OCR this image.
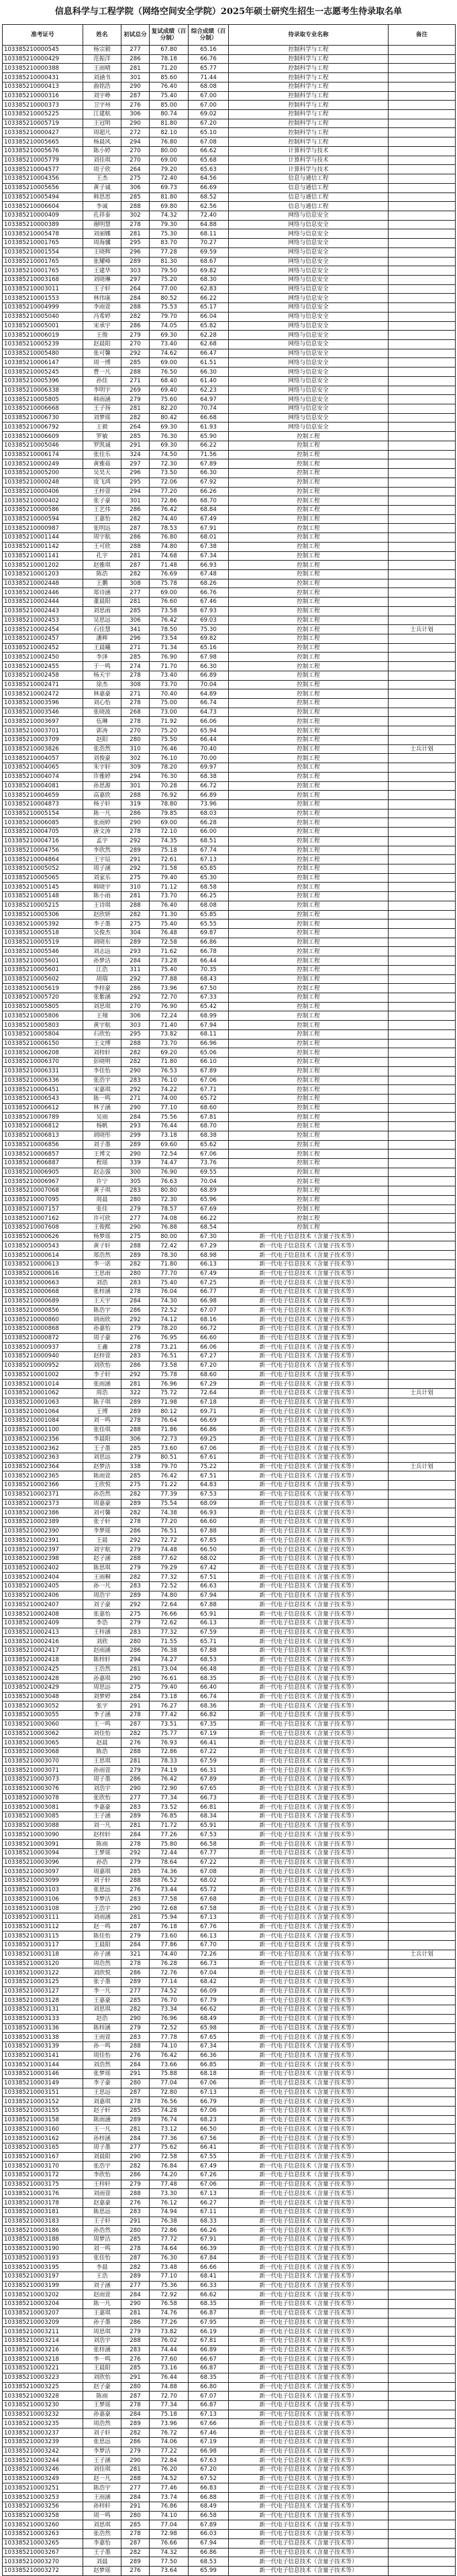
信息科学与工程学院（网络空间安全学院）2025年硕士研究生招生一志愿考生待录取名单
准考证号	姓名	初试总分	复试成绩（百分制）	综合成绩（百分制）	待录取专业名称	备注
103385210000545	杨宗毅	277	67.80	65.16	控制科学与工程	
103385210000429	范振洋	286	78.18	66.76	控制科学与工程	
103385210000388	王雨晴	281	71.20	65.77	控制科学与工程	
103385210000431	刘涵书	301	85.60	71.44	控制科学与工程	
103385210000413	曲铭浩	290	76.40	68.08	控制科学与工程	
103385210000316	刘宇峥	287	75.40	67.00	控制科学与工程	
103385210000373	卫字州	276	85.00	67.00	控制科学与工程	
103385210005225	江建航	306	80.74	69.02	控制科学与工程	
103385210005719	王冠明	290	81.80	67.20	控制科学与工程	
103385210000427	周超凡	272	82.10	65.10	控制科学与工程	
103385210005665	杨晨风	294	76.80	67.08	控制科学与工程	
103385210005676	陈小婷	270	80.00	66.62	计算科学与技术	
103385210005779	刘佳琪	270	69.00	65.68	计算科学与技术	
103385210004577	周子欣	264	79.20	65.63	计算科学与技术	
103385210004356	王杰	275	72.40	64.56	信息与通信工程	
103385210005656	黄子诚	306	69.73	66.69	信息与通信工程	
103385210005494	韩思思	285	81.80	68.52	信息与通信工程	
103385210006604	李诚	288	69.80	62.56	信息与通信工程	
103385210000409	孔祥泰	302	74.32	72.40	网络与信息安全	
103385210000389	谢明慧	278	79.30	64.88	网络与信息安全	
103385210005478	刘丽娜	281	75.30	68.11	网络与信息安全	
103385210001765	周海骥	295	83.70	70.27	网络与信息安全	
103385210001554	王晓辉	296	77.28	69.59	网络与信息安全	
103385210001765	张耀峰	289	81.30	68.67	网络与信息安全	
103385210001765	王建华	303	79.50	69.82	网络与信息安全	
103385210003168	刘晓琳	297	75.20	68.30	网络与信息安全	
103385210003011	王子轩	264	77.00	62.83	网络与信息安全	
103385210001553	林伟康	284	80.52	66.22	网络与信息安全	
103385210004999	李雨萱	288	75.53	65.17	网络与信息安全	
103385210005040	冯希婷	282	79.70	66.04	网络与信息安全	
103385210005001	宋承宇	286	74.05	65.82	网络与信息安全	
103385210006019	王俊	279	69.30	62.28	网络与信息安全	
103385210005239	赵晨阳	270	73.40	62.68	网络与信息安全	
103385210005480	张可馨	292	74.62	66.47	网络与信息安全	
103385210006147	周一博	285	69.00	61.51	网络与信息安全	
103385210005245	曹一凡	288	76.50	66.30	网络与信息安全	
103385210005396	孙佳	271	68.40	61.40	网络与信息安全	
103385210006338	李明宇	269	69.40	62.23	网络与信息安全	
103385210005805	韩雨涵	279	75.60	64.97	网络与信息安全	
103385210006668	王子扬	281	82.20	70.74	网络与信息安全	
103385210006730	刘梦瑶	282	80.42	66.68	网络与信息安全	
103385210006792	王毅	264	69.30	61.93	网络与信息安全	
103385210006609	罗敏	285	76.30	65.90	控制工程	
103385210005046	罗凯诚	291	69.30	66.22	控制工程	
103385210006174	张佳乐	324	74.50	71.56	控制工程	
103385210000249	黄雅茹	297	72.30	67.89	控制工程	
103385210005200	吴昊天	296	73.50	66.30	控制工程	
103385210000248	庞飞鸿	295	72.06	67.92	控制工程	
103385210000406	王梓萱	294	77.20	66.26	控制工程	
103385210000402	张子豪	301	72.86	68.70	控制工程	
103385210000586	王艺伟	286	76.42	68.84	控制工程	
103385210000594	王嘉怡	282	74.40	67.49	控制工程	
103385210000987	张明远	287	78.53	67.91	控制工程	
103385210001144	周宇航	286	76.80	68.01	控制工程	
103385210001142	王可欣	288	74.80	67.38	控制工程	
103385210001141	孔宇	281	74.68	67.34	控制工程	
103385210001202	赵雅琪	287	71.48	66.93	控制工程	
103385210001203	陈浩	282	76.69	67.48	控制工程	
103385210002448	王鹏	308	75.78	68.26	控制工程	
103385210002446	郑诗涵	277	69.00	66.76	控制工程	
103385210002444	董晨阳	281	76.60	67.46	控制工程	
103385210002443	刘思雨	285	73.58	67.93	控制工程	
103385210002453	吴思远	306	76.42	69.03	控制工程	
103385210002454	石佳慧	341	78.50	75.30	控制工程	士兵计划
103385210002457	潘辉	296	73.54	69.82	控制工程	
103385210002452	王晨曦	271	71.34	65.16	控制工程	
103385210002450	李泽	285	76.90	67.98	控制工程	
103385210002455	于一鸣	274	71.70	66.30	控制工程	
103385210002458	杨天宇	278	73.40	66.89	控制工程	
103385210002471	徐杰	308	73.70	70.04	控制工程	
103385210002472	林嘉豪	271	70.40	64.89	控制工程	
103385210003596	刘心怡	278	75.00	66.74	控制工程	
103385210003546	张晓波	268	73.00	64.73	控制工程	
103385210003697	伍琳	278	71.92	66.06	控制工程	
103385210003701	郭涛	270	75.20	65.94	控制工程	
103385210003709	赵阳	280	75.50	66.44	控制工程	
103385210003826	张浩然	310	76.46	70.40	控制工程	士兵计划
103385210004057	刘俊豪	302	76.10	70.00	控制工程	
103385210004065	朱宇轩	309	78.20	69.97	控制工程	
103385210004074	许雅婷	294	76.30	68.38	控制工程	
103385210004081	孙思源	301	70.28	66.72	控制工程	
103385210004659	高嘉欣	288	76.92	66.89	控制工程	
103385210004873	杨子轩	319	78.80	73.96	控制工程	
103385210005154	陈一凡	286	79.85	68.03	控制工程	
103385210006085	张雨婷	290	69.00	66.28	控制工程	
103385210004705	唐文涛	278	72.10	66.00	控制工程	
103385210004716	孟宇	292	74.35	68.51	控制工程	
103385210004756	李欣然	289	75.18	67.74	控制工程	
103385210004864	王宇辰	291	72.61	67.13	控制工程	
103385210005052	周子涵	292	71.58	65.85	控制工程	
103385210005065	刘家乐	275	79.40	65.30	控制工程	
103385210005145	韩晓宇	310	71.12	68.58	控制工程	
103385210005148	陈小雨	281	73.70	66.25	控制工程	
103385210005215	王诗琪	288	76.40	68.08	控制工程	
103385210005306	赵欣妍	282	71.30	65.85	控制工程	
103385210005392	李子墨	275	75.40	65.55	控制工程	
103385210005518	吴俊杰	304	76.48	69.87	控制工程	
103385210005519	胡晓东	289	72.58	66.86	控制工程	
103385210005546	刘志远	293	71.62	66.78	控制工程	
103385210005601	孙梦洁	284	73.28	66.44	控制工程	
103385210005601	江浩	311	75.40	70.35	控制工程	
103385210005602	胡瑞	292	77.88	68.43	控制工程	
103385210005619	李梓豪	286	73.96	67.50	控制工程	
103385210005720	张紫涵	292	72.70	67.33	控制工程	
103385210005805	刘思琪	270	76.90	65.42	控制工程	
103385210005806	王翔	306	72.24	68.99	控制工程	
103385210005803	黄宇航	303	71.40	67.94	控制工程	
103385210005804	石欣怡	295	73.82	68.11	控制工程	
103385210006150	王文博	288	73.70	66.96	控制工程	
103385210006208	刘梓轩	282	69.20	65.06	控制工程	
103385210006370	彭晓明	282	71.80	66.10	控制工程	
103385210006331	李佳怡	290	76.53	67.89	控制工程	
103385210006336	张浩宇	283	76.10	67.06	控制工程	
103385210006451	宋嘉琪	292	74.22	67.71	控制工程	
103385210006543	陈一鸣	271	74.00	65.72	控制工程	
103385210006612	林子涵	290	77.10	68.60	控制工程	
103385210006789	吴雨	284	75.56	67.81	控制工程	
103385210006812	杨帆	293	76.44	68.70	控制工程	
103385210006813	胡晓彤	299	73.18	68.38	控制工程	
103385210006856	刘子墨	289	69.60	65.62	控制工程	
103385210006857	王博文	290	72.54	67.06	控制工程	
103385210006887	程瑶	339	74.47	73.76	控制工程	
103385210006905	赵志强	300	76.90	69.55	控制工程	
103385210006967	许宁	305	76.63	70.04	控制工程	
103385210007068	黄子琪	283	80.80	68.89	控制工程	
103385210007095	周晨	280	72.30	65.96	控制工程	
103385210007157	张佳	279	78.57	67.69	控制工程	
103385210007162	许可欣	277	74.08	66.22	控制工程	
103385210007608	王俊熙	290	76.88	68.54	控制工程	
103385210000626	杨梦瑶	275	80.00	67.30	新一代电子信息技术（含量子技术等）	
103385210000543	黄子轩	288	72.42	67.29	新一代电子信息技术（含量子技术等）	
103385210000614	郑浩然	289	78.30	68.98	新一代电子信息技术（含量子技术等）	
103385210000613	李一诺	282	71.80	66.13	新一代电子信息技术（含量子技术等）	
103385210000616	王思雨	280	77.70	67.49	新一代电子信息技术（含量子技术等）	
103385210000663	刘浩	283	75.40	67.25	新一代电子信息技术（含量子技术等）	
103385210000668	张梓涵	278	76.04	66.77	新一代电子信息技术（含量子技术等）	
103385210000689	王天宇	284	74.30	66.98	新一代电子信息技术（含量子技术等）	
103385210000856	陈浩宇	286	72.52	67.07	新一代电子信息技术（含量子技术等）	
103385210000860	胡雨欣	292	74.12	68.16	新一代电子信息技术（含量子技术等）	
103385210000868	孙嘉怡	279	78.20	66.72	新一代电子信息技术（含量子技术等）	
103385210000872	周子豪	276	76.95	66.60	新一代电子信息技术（含量子技术等）	
103385210000937	王鑫	278	73.21	66.06	新一代电子信息技术（含量子技术等）	
103385210000940	赵梓萱	283	76.51	67.27	新一代电子信息技术（含量子技术等）	
103385210000952	刘欣怡	286	73.58	67.20	新一代电子信息技术（含量子技术等）	
103385210001002	李子轩	292	75.78	68.60	新一代电子信息技术（含量子技术等）	
103385210001014	张雨涵	281	76.96	67.29	新一代电子信息技术（含量子技术等）	
103385210001062	周浩	322	75.72	72.64	新一代电子信息技术（含量子技术等）	士兵计划
103385210001063	陈子琪	289	71.98	67.18	新一代电子信息技术（含量子技术等）	
103385210001064	王博	289	80.12	69.71	新一代电子信息技术（含量子技术等）	
103385210001084	刘一鸣	278	76.64	66.69	新一代电子信息技术（含量子技术等）	
103385210001100	张佳琪	288	71.86	66.86	新一代电子信息技术（含量子技术等）	
103385210002356	李晨阳	306	72.73	69.25	新一代电子信息技术（含量子技术等）	
103385210002362	王子墨	285	73.60	67.06	新一代电子信息技术（含量子技术等）	
103385210002363	刘思远	279	80.51	67.61	新一代电子信息技术（含量子技术等）	
103385210002364	赵梦洁	338	79.70	75.22	新一代电子信息技术（含量子技术等）	士兵计划
103385210002365	陈雨萱	285	76.42	67.51	新一代电子信息技术（含量子技术等）	
103385210002366	王欣悦	275	71.22	64.83	新一代电子信息技术（含量子技术等）	
103385210002371	孙浩然	282	77.39	67.53	新一代电子信息技术（含量子技术等）	
103385210002373	周嘉豪	289	75.54	68.09	新一代电子信息技术（含量子技术等）	
103385210002386	刘可馨	282	74.38	66.93	新一代电子信息技术（含量子技术等）	
103385210002389	张子轩	278	77.20	66.60	新一代电子信息技术（含量子技术等）	
103385210002390	李梦瑶	286	76.51	67.88	新一代电子信息技术（含量子技术等）	
103385210002391	王晨	292	72.72	67.85	新一代电子信息技术（含量子技术等）	
103385210002397	刘宇航	279	74.48	66.50	新一代电子信息技术（含量子技术等）	
103385210002398	赵子涵	288	77.62	68.02	新一代电子信息技术（含量子技术等）	
103385210002402	陈思琪	279	79.29	67.42	新一代电子信息技术（含量子技术等）	
103385210002404	王雨桐	282	77.32	67.51	新一代电子信息技术（含量子技术等）	
103385210002405	孙一凡	283	72.52	66.63	新一代电子信息技术（含量子技术等）	
103385210002406	周浩宇	289	74.80	67.94	新一代电子信息技术（含量子技术等）	
103385210002407	刘子豪	292	72.64	67.88	新一代电子信息技术（含量子技术等）	
103385210002408	张嘉怡	275	76.66	65.91	新一代电子信息技术（含量子技术等）	
103385210002409	李浩	279	72.62	66.13	新一代电子信息技术（含量子技术等）	
103385210002413	王梓涵	283	77.32	67.59	新一代电子信息技术（含量子技术等）	
103385210002416	刘欣	280	71.55	65.71	新一代电子信息技术（含量子技术等）	
103385210002417	赵雨涵	286	76.38	67.88	新一代电子信息技术（含量子技术等）	
103385210002418	陈梓轩	294	74.27	68.53	新一代电子信息技术（含量子技术等）	
103385210002425	王浩然	281	73.04	66.48	新一代电子信息技术（含量子技术等）	
103385210002428	孙嘉琪	290	76.61	68.35	新一代电子信息技术（含量子技术等）	
103385210002429	周思远	275	79.40	66.40	新一代电子信息技术（含量子技术等）	
103385210003048	刘梦婷	284	73.18	66.74	新一代电子信息技术（含量子技术等）	
103385210003052	张宇	291	76.27	68.36	新一代电子信息技术（含量子技术等）	
103385210003055	李子涵	278	77.42	66.82	新一代电子信息技术（含量子技术等）	
103385210003060	王一鸣	287	73.51	67.35	新一代电子信息技术（含量子技术等）	
103385210003062	刘佳怡	282	75.77	67.19	新一代电子信息技术（含量子技术等）	
103385210003065	赵晨	276	76.93	66.41	新一代电子信息技术（含量子技术等）	
103385210003068	陈浩	288	72.86	67.22	新一代电子信息技术（含量子技术等）	
103385210003070	王思琪	281	78.33	67.59	新一代电子信息技术（含量子技术等）	
103385210003071	孙雨萱	279	74.19	66.31	新一代电子信息技术（含量子技术等）	
103385210003073	周子墨	286	76.42	67.89	新一代电子信息技术（含量子技术等）	
103385210003076	刘浩宇	290	72.90	67.65	新一代电子信息技术（含量子技术等）	
103385210003078	张欣怡	277	77.34	66.73	新一代电子信息技术（含量子技术等）	
103385210003081	李嘉豪	283	73.52	66.81	新一代电子信息技术（含量子技术等）	
103385210003085	王子涵	289	76.85	68.34	新一代电子信息技术（含量子技术等）	
103385210003088	刘一凡	281	71.72	65.91	新一代电子信息技术（含量子技术等）	
103385210003090	赵梓轩	284	77.26	67.53	新一代电子信息技术（含量子技术等）	
103385210003091	陈雨	278	75.80	66.58	新一代电子信息技术（含量子技术等）	
103385210003094	王梦瑶	292	72.44	67.77	新一代电子信息技术（含量子技术等）	
103385210003096	孙浩	279	78.64	67.22	新一代电子信息技术（含量子技术等）	
103385210003097	周嘉琪	285	74.36	67.08	新一代电子信息技术（含量子技术等）	
103385210003099	刘子轩	288	76.52	68.02	新一代电子信息技术（含量子技术等）	
103385210003103	张思远	276	73.44	65.72	新一代电子信息技术（含量子技术等）	
103385210003106	李梦洁	283	77.58	67.68	新一代电子信息技术（含量子技术等）	
103385210003108	王浩宇	290	72.68	67.58	新一代电子信息技术（含量子技术等）	
103385210003111	刘雨涵	281	75.94	67.13	新一代电子信息技术（含量子技术等）	
103385210003112	赵一鸣	287	76.18	67.76	新一代电子信息技术（含量子技术等）	
103385210003115	陈佳怡	279	73.60	66.13	新一代电子信息技术（含量子技术等）	
103385210003117	王晨阳	284	77.86	67.70	新一代电子信息技术（含量子技术等）	
103385210003118	孙子涵	321	74.40	72.26	新一代电子信息技术（含量子技术等）	士兵计划
103385210003120	周浩然	278	76.28	66.73	新一代电子信息技术（含量子技术等）	
103385210003122	刘欣悦	286	72.76	67.04	新一代电子信息技术（含量子技术等）	
103385210003125	张子墨	289	77.14	68.42	新一代电子信息技术（含量子技术等）	
103385210003127	李一凡	277	74.52	66.09	新一代电子信息技术（含量子技术等）	
103385210003128	王嘉豪	285	76.70	67.79	新一代电子信息技术（含量子技术等）	
103385210003131	刘思琪	282	73.34	66.62	新一代电子信息技术（含量子技术等）	
103385210003133	赵浩	290	76.96	68.49	新一代电子信息技术（含量子技术等）	
103385210003136	陈梓涵	279	72.52	65.98	新一代电子信息技术（含量子技术等）	
103385210003138	王雨萱	283	77.78	67.65	新一代电子信息技术（含量子技术等）	
103385210003139	孙一鸣	288	74.10	67.34	新一代电子信息技术（含量子技术等）	
103385210003141	周佳怡	276	76.42	66.36	新一代电子信息技术（含量子技术等）	
103385210003144	刘浩然	284	73.66	66.85	新一代电子信息技术（含量子技术等）	
103385210003146	张梦瑶	291	75.88	68.18	新一代电子信息技术（含量子技术等）	
103385210003149	李子豪	280	77.04	67.06	新一代电子信息技术（含量子技术等）	
103385210003151	王思远	287	72.80	67.13	新一代电子信息技术（含量子技术等）	
103385210003152	刘嘉琪	278	76.56	66.79	新一代电子信息技术（含量子技术等）	
103385210003155	赵子轩	285	74.28	67.06	新一代电子信息技术（含量子技术等）	
103385210003158	陈雨涵	289	76.74	68.23	新一代电子信息技术（含量子技术等）	
103385210003160	王一凡	281	73.12	66.50	新一代电子信息技术（含量子技术等）	
103385210003162	孙梓涵	284	77.36	67.56	新一代电子信息技术（含量子技术等）	
103385210003165	周子墨	277	75.62	66.41	新一代电子信息技术（含量子技术等）	
103385210003167	刘晨阳	290	72.58	67.55	新一代电子信息技术（含量子技术等）	
103385210003170	张浩宇	282	76.84	67.49	新一代电子信息技术（含量子技术等）	
103385210003172	李欣怡	286	74.20	67.26	新一代电子信息技术（含量子技术等）	
103385210003175	王梓轩	279	77.48	67.06	新一代电子信息技术（含量子技术等）	
103385210003176	刘雨萱	288	73.30	67.13	新一代电子信息技术（含量子技术等）	
103385210003178	赵嘉豪	276	76.12	66.27	新一代电子信息技术（含量子技术等）	
103385210003181	陈思远	283	74.94	67.11	新一代电子信息技术（含量子技术等）	
103385210003183	王子轩	291	76.38	68.33	新一代电子信息技术（含量子技术等）	
103385210003186	孙浩然	280	72.86	66.26	新一代电子信息技术（含量子技术等）	
103385210003188	周梦洁	285	77.72	67.91	新一代电子信息技术（含量子技术等）	
103385210003190	刘一鸣	278	74.64	66.39	新一代电子信息技术（含量子技术等）	
103385210003193	张佳怡	287	76.30	67.84	新一代电子信息技术（含量子技术等）	
103385210003195	李晨	282	73.48	66.66	新一代电子信息技术（含量子技术等）	
103385210003197	王浩	289	77.10	68.41	新一代电子信息技术（含量子技术等）	
103385210003199	刘子涵	277	75.36	66.33	新一代电子信息技术（含量子技术等）	
103385210003202	赵雨萱	284	72.92	66.62	新一代电子信息技术（含量子技术等）	
103385210003204	陈一凡	290	76.58	68.35	新一代电子信息技术（含量子技术等）	
103385210003207	王嘉琪	281	74.76	66.87	新一代电子信息技术（含量子技术等）	
103385210003209	孙子墨	286	77.26	67.95	新一代电子信息技术（含量子技术等）	
103385210003211	周思琪	279	73.82	66.19	新一代电子信息技术（含量子技术等）	
103385210003214	刘浩宇	288	76.02	67.81	新一代电子信息技术（含量子技术等）	
103385210003216	张梓涵	283	74.44	66.89	新一代电子信息技术（含量子技术等）	
103385210003218	李一鸣	276	77.60	66.67	新一代电子信息技术（含量子技术等）	
103385210003221	王晨阳	285	73.16	66.87	新一代电子信息技术（含量子技术等）	
103385210003223	刘欣怡	291	76.44	68.35	新一代电子信息技术（含量子技术等）	
103385210003225	赵子豪	280	74.88	66.80	新一代电子信息技术（含量子技术等）	
103385210003228	陈雨	287	72.70	67.07	新一代电子信息技术（含量子技术等）	
103385210003230	王梦瑶	278	77.34	66.87	新一代电子信息技术（含量子技术等）	
103385210003232	孙嘉豪	284	75.18	67.13	新一代电子信息技术（含量子技术等）	
103385210003235	周浩然	289	73.96	67.66	新一代电子信息技术（含量子技术等）	
103385210003237	刘子轩	282	76.72	67.46	新一代电子信息技术（含量子技术等）	
103385210003239	张思远	286	74.06	67.19	新一代电子信息技术（含量子技术等）	
103385210003242	李梦洁	279	77.22	66.98	新一代电子信息技术（含量子技术等）	
103385210003244	王子涵	290	72.84	67.63	新一代电子信息技术（含量子技术等）	
103385210003246	刘佳琪	281	76.20	67.20	新一代电子信息技术（含量子技术等）	
103385210003249	赵一凡	288	74.52	67.52	新一代电子信息技术（含量子技术等）	
103385210003251	陈浩宇	277	77.46	66.83	新一代电子信息技术（含量子技术等）	
103385210003253	王雨涵	284	73.74	66.88	新一代电子信息技术（含量子技术等）	
103385210003256	孙梓轩	291	76.86	68.49	新一代电子信息技术（含量子技术等）	
103385210003258	周一鸣	280	74.10	66.58	新一代电子信息技术（含量子技术等）	
103385210003260	刘思琪	285	77.04	67.89	新一代电子信息技术（含量子技术等）	
103385210003263	张浩然	278	72.98	66.03	新一代电子信息技术（含量子技术等）	
103385210003265	李嘉怡	287	76.66	67.94	新一代电子信息技术（含量子技术等）	
103385210003267	王子墨	282	74.32	66.86	新一代电子信息技术（含量子技术等）	
103385210003270	刘晨	289	77.50	68.53	新一代电子信息技术（含量子技术等）	
103385210003272	赵梦瑶	276	73.64	65.99	新一代电子信息技术（含量子技术等）	
